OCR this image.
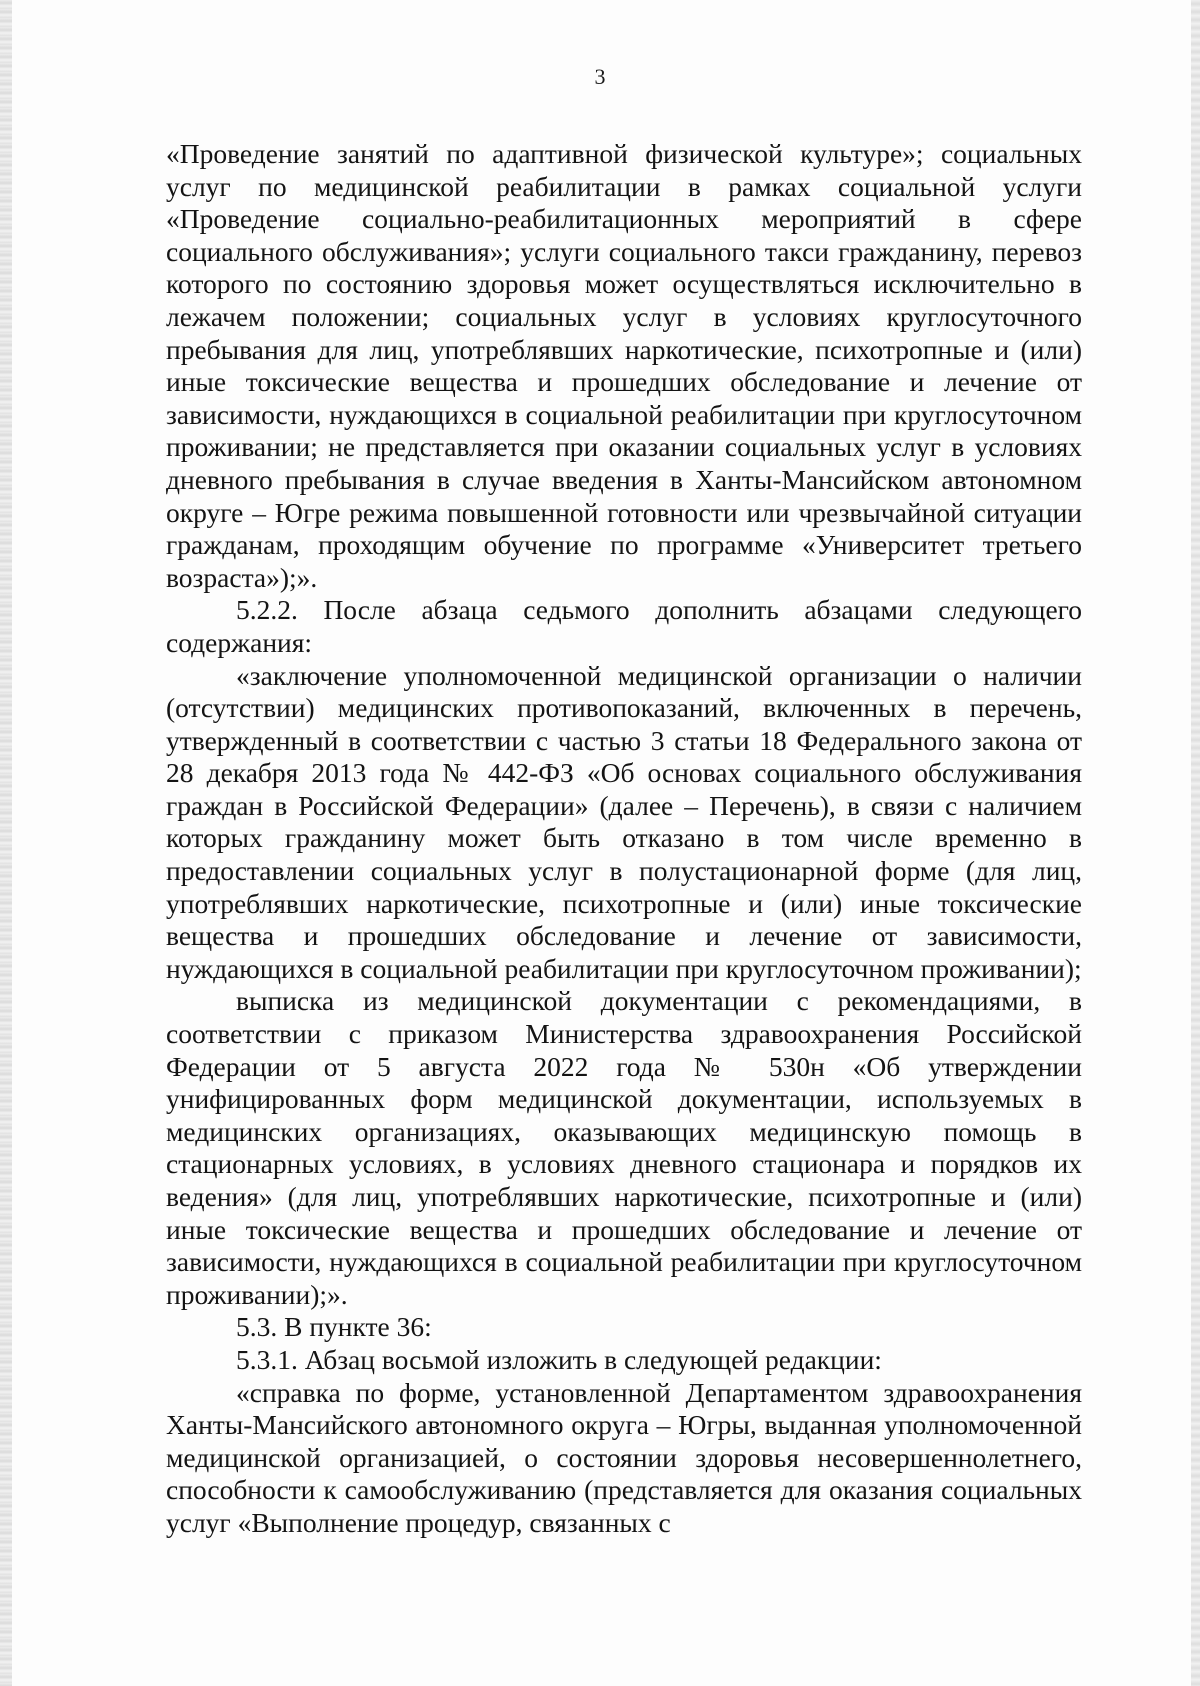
3

«Проведение занятий по адаптивной физической культуре»; социальных услуг по медицинской реабилитации в рамках социальной услуги «Проведение социально-реабилитационных мероприятий в сфере социального обслуживания»; услуги социального такси гражданину, перевоз которого по состоянию здоровья может осуществляться исключительно в лежачем положении; социальных услуг в условиях круглосуточного пребывания для лиц, употреблявших наркотические, психотропные и (или) иные токсические вещества и прошедших обследование и лечение от зависимости, нуждающихся в социальной реабилитации при круглосуточном проживании; не представляется при оказании социальных услуг в условиях дневного пребывания в случае введения в Ханты-Мансийском автономном округе – Югре режима повышенной готовности или чрезвычайной ситуации гражданам, проходящим обучение по программе «Университет третьего возраста»);».

5.2.2. После абзаца седьмого дополнить абзацами следующего содержания:

«заключение уполномоченной медицинской организации о наличии (отсутствии) медицинских противопоказаний, включенных в перечень, утвержденный в соответствии с частью 3 статьи 18 Федерального закона от 28 декабря 2013 года № 442-ФЗ «Об основах социального обслуживания граждан в Российской Федерации» (далее – Перечень), в связи с наличием которых гражданину может быть отказано в том числе временно в предоставлении социальных услуг в полустационарной форме (для лиц, употреблявших наркотические, психотропные и (или) иные токсические вещества и прошедших обследование и лечение от зависимости, нуждающихся в социальной реабилитации при круглосуточном проживании);

выписка из медицинской документации с рекомендациями, в соответствии с приказом Министерства здравоохранения Российской Федерации от 5 августа 2022 года № 530н «Об утверждении унифицированных форм медицинской документации, используемых в медицинских организациях, оказывающих медицинскую помощь в стационарных условиях, в условиях дневного стационара и порядков их ведения» (для лиц, употреблявших наркотические, психотропные и (или) иные токсические вещества и прошедших обследование и лечение от зависимости, нуждающихся в социальной реабилитации при круглосуточном проживании);».

5.3. В пункте 36:

5.3.1. Абзац восьмой изложить в следующей редакции:

«справка по форме, установленной Департаментом здравоохранения Ханты-Мансийского автономного округа – Югры, выданная уполномоченной медицинской организацией, о состоянии здоровья несовершеннолетнего, способности к самообслуживанию (представляется для оказания социальных услуг «Выполнение процедур, связанных с
